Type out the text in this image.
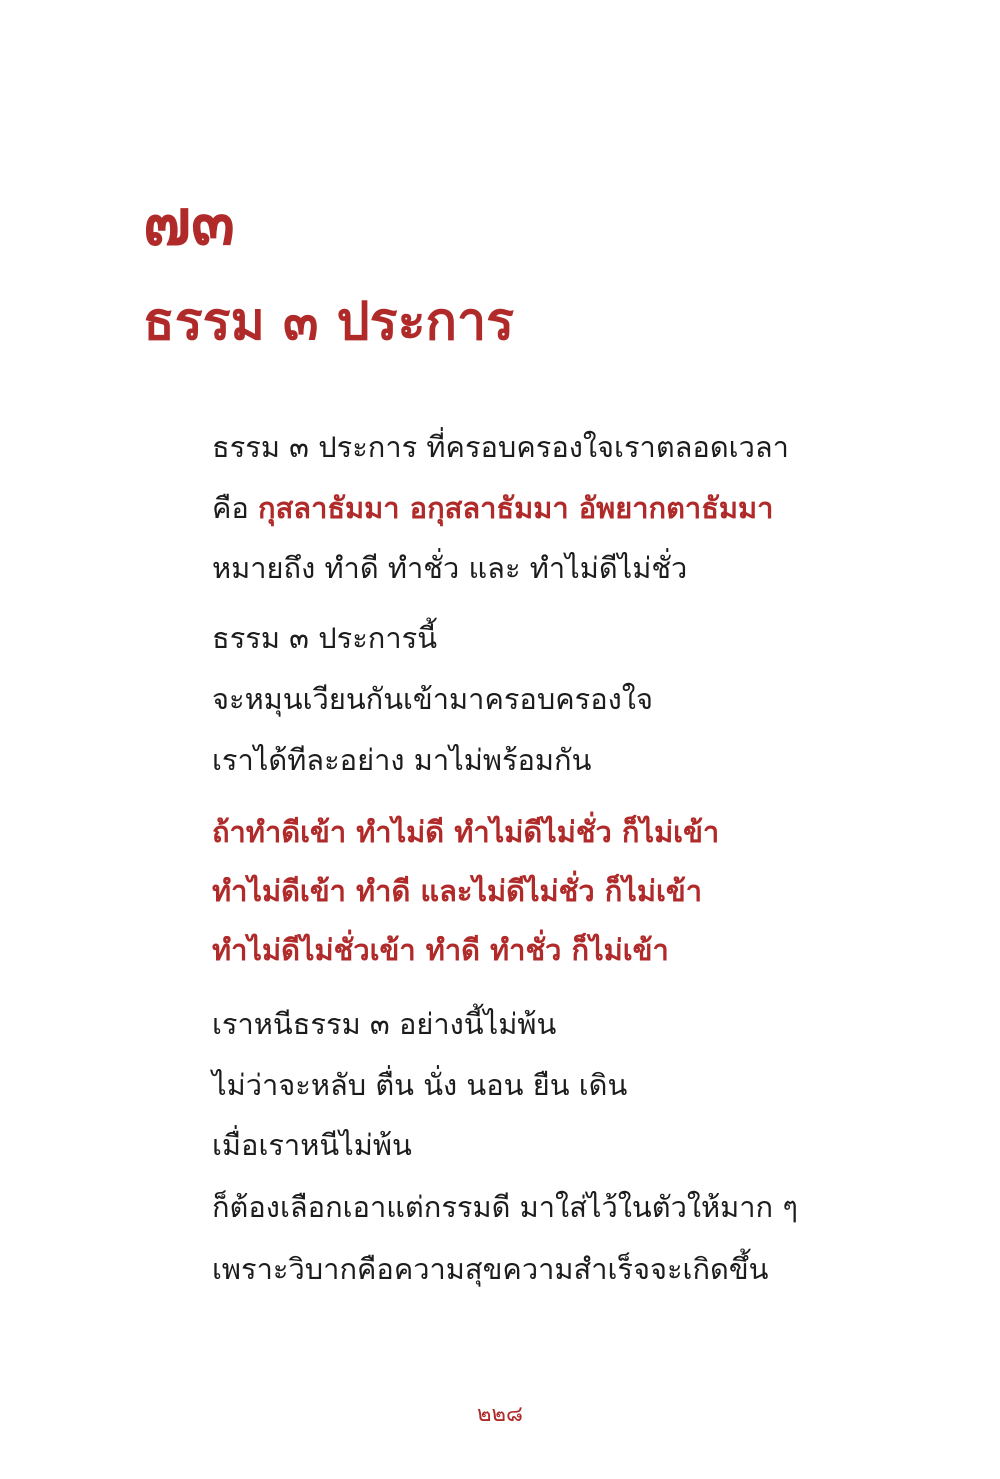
๗๓
ธรรม ๓ ประการ

ธรรม ๓ ประการ ที่ครอบครองใจเราตลอดเวลา

คือ กุสลาธัมมา อกุสลาธัมมา อัพยากตาธัมมา

หมายถึง ทำดี ทำชั่ว และ ทำไม่ดีไม่ชั่ว

ธรรม ๓ ประการนี้

จะหมุนเวียนกันเข้ามาครอบครองใจ

เราได้ทีละอย่าง มาไม่พร้อมกัน

ถ้าทำดีเข้า ทำไม่ดี ทำไม่ดีไม่ชั่ว ก็ไม่เข้า

ทำไม่ดีเข้า ทำดี และไม่ดีไม่ชั่ว ก็ไม่เข้า

ทำไม่ดีไม่ชั่วเข้า ทำดี ทำชั่ว ก็ไม่เข้า

เราหนีธรรม ๓ อย่างนี้ไม่พ้น

ไม่ว่าจะหลับ ตื่น นั่ง นอน ยืน เดิน

เมื่อเราหนีไม่พ้น

ก็ต้องเลือกเอาแต่กรรมดี มาใส่ไว้ในตัวให้มาก ๆ

เพราะวิบากคือความสุขความสำเร็จจะเกิดขึ้น

๒๒๘
